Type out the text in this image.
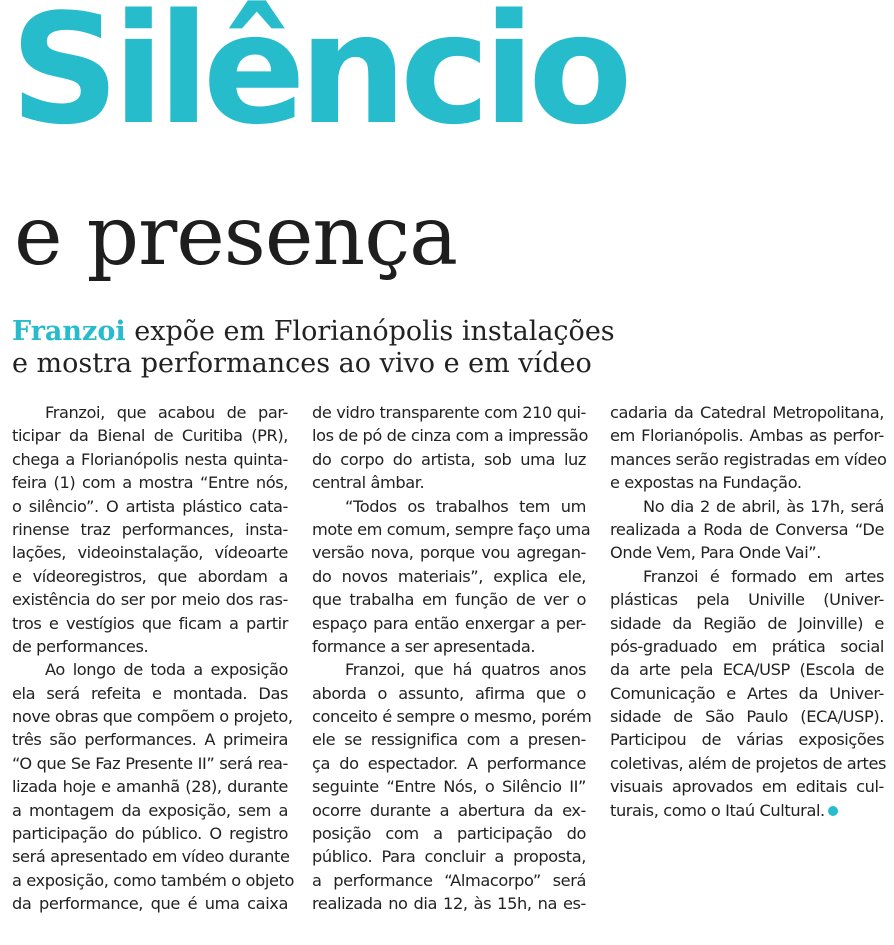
Silêncio
e presença
Franzoi expõe em Florianópolis instalações
e mostra performances ao vivo e em vídeo
Franzoi, que acabou de par-
ticipar da Bienal de Curitiba (PR),
chega a Florianópolis nesta quinta-
feira (1) com a mostra “Entre nós,
o silêncio”. O artista plástico cata-
rinense traz performances, insta-
lações, videoinstalação, vídeoarte
e vídeoregistros, que abordam a
existência do ser por meio dos ras-
tros e vestígios que ficam a partir
de performances.
Ao longo de toda a exposição
ela será refeita e montada. Das
nove obras que compõem o projeto,
três são performances. A primeira
“O que Se Faz Presente II” será rea-
lizada hoje e amanhã (28), durante
a montagem da exposição, sem a
participação do público. O registro
será apresentado em vídeo durante
a exposição, como também o objeto
da performance, que é uma caixa
de vidro transparente com 210 qui-
los de pó de cinza com a impressão
do corpo do artista, sob uma luz
central âmbar.
“Todos os trabalhos tem um
mote em comum, sempre faço uma
versão nova, porque vou agregan-
do novos materiais”, explica ele,
que trabalha em função de ver o
espaço para então enxergar a per-
formance a ser apresentada.
Franzoi, que há quatros anos
aborda o assunto, afirma que o
conceito é sempre o mesmo, porém
ele se ressignifica com a presen-
ça do espectador. A performance
seguinte “Entre Nós, o Silêncio II”
ocorre durante a abertura da ex-
posição com a participação do
público. Para concluir a proposta,
a performance “Almacorpo” será
realizada no dia 12, às 15h, na es-
cadaria da Catedral Metropolitana,
em Florianópolis. Ambas as perfor-
mances serão registradas em vídeo
e expostas na Fundação.
No dia 2 de abril, às 17h, será
realizada a Roda de Conversa “De
Onde Vem, Para Onde Vai”.
Franzoi é formado em artes
plásticas pela Univille (Univer-
sidade da Região de Joinville) e
pós-graduado em prática social
da arte pela ECA/USP (Escola de
Comunicação e Artes da Univer-
sidade de São Paulo (ECA/USP).
Participou de várias exposições
coletivas, além de projetos de artes
visuais aprovados em editais cul-
turais, como o Itaú Cultural.
